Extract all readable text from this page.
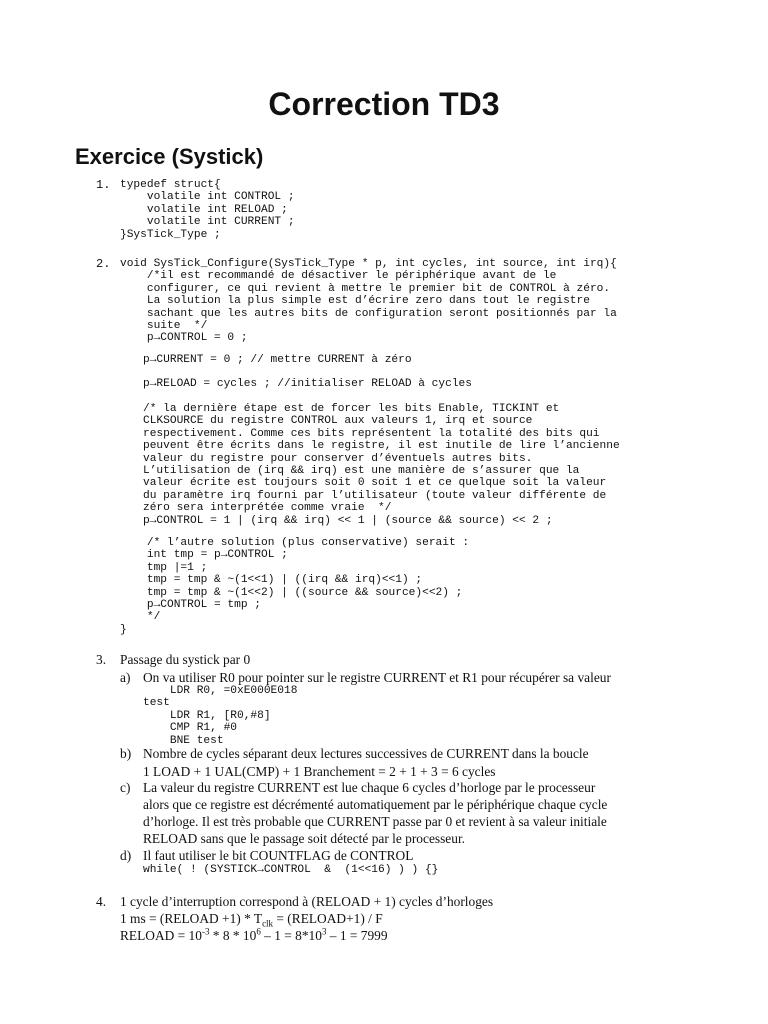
Correction TD3
Exercice (Systick)
1. typedef struct{
volatile int CONTROL ;
volatile int RELOAD ;
volatile int CURRENT ;
}SysTick_Type ;
2. void SysTick_Configure(SysTick_Type * p, int cycles, int source, int irq){
/*il est recommandé de désactiver le périphérique avant de le
configurer, ce qui revient à mettre le premier bit de CONTROL à zéro.
La solution la plus simple est d’écrire zero dans tout le registre
sachant que les autres bits de configuration seront positionnés par la
suite  */
p→CONTROL = 0 ;
p→CURRENT = 0 ; // mettre CURRENT à zéro
p→RELOAD = cycles ; //initialiser RELOAD à cycles
/* la dernière étape est de forcer les bits Enable, TICKINT et
CLKSOURCE du registre CONTROL aux valeurs 1, irq et source
respectivement. Comme ces bits représentent la totalité des bits qui
peuvent être écrits dans le registre, il est inutile de lire l’ancienne
valeur du registre pour conserver d’éventuels autres bits.
L’utilisation de (irq && irq) est une manière de s’assurer que la
valeur écrite est toujours soit 0 soit 1 et ce quelque soit la valeur
du paramètre irq fourni par l’utilisateur (toute valeur différente de
zéro sera interprétée comme vraie  */
p→CONTROL = 1 | (irq && irq) << 1 | (source && source) << 2 ;
/* l’autre solution (plus conservative) serait :
int tmp = p→CONTROL ;
tmp |=1 ;
tmp = tmp & ~(1<<1) | ((irq && irq)<<1) ;
tmp = tmp & ~(1<<2) | ((source && source)<<2) ;
p→CONTROL = tmp ;
*/
}
3. Passage du systick par 0
a) On va utiliser R0 pour pointer sur le registre CURRENT et R1 pour récupérer sa valeur
LDR R0, =0xE000E018
test
LDR R1, [R0,#8]
CMP R1, #0
BNE test
b) Nombre de cycles séparant deux lectures successives de CURRENT dans la boucle
1 LOAD + 1 UAL(CMP) + 1 Branchement = 2 + 1 + 3 = 6 cycles
c) La valeur du registre CURRENT est lue chaque 6 cycles d’horloge par le processeur
alors que ce registre est décrémenté automatiquement par le périphérique chaque cycle
d’horloge. Il est très probable que CURRENT passe par 0 et revient à sa valeur initiale
RELOAD sans que le passage soit détecté par le processeur.
d) Il faut utiliser le bit COUNTFLAG de CONTROL
while( ! (SYSTICK→CONTROL  &  (1<<16) ) ) {}
4. 1 cycle d’interruption correspond à (RELOAD + 1) cycles d’horloges
1 ms = (RELOAD $+1) * T_{clk}$ = (RELOAD+1) / F
RELOAD = $10^{-3} * 8 * 10^6 - 1 = 8*10^3 - 1 = 7999$
